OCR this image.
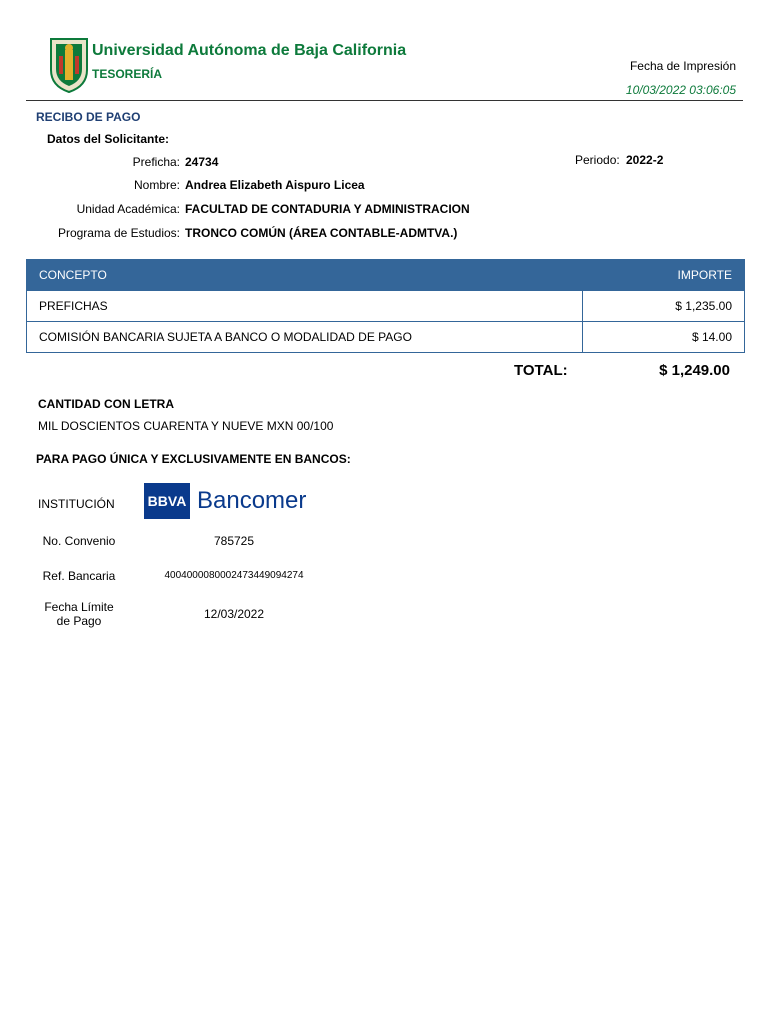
Universidad Autónoma de Baja California
TESORERÍA
Fecha de Impresión
10/03/2022 03:06:05
RECIBO DE PAGO
Datos del Solicitante:
Preficha: 24734	Periodo: 2022-2
Nombre: Andrea Elizabeth Aispuro Licea
Unidad Académica: FACULTAD DE CONTADURIA Y ADMINISTRACION
Programa de Estudios: TRONCO COMÚN (ÁREA CONTABLE-ADMTVA.)
CONCEPTO	IMPORTE
PREFICHAS	$ 1,235.00
COMISIÓN BANCARIA SUJETA A BANCO O MODALIDAD DE PAGO	$ 14.00
TOTAL:	$ 1,249.00
CANTIDAD CON LETRA
MIL DOSCIENTOS CUARENTA Y NUEVE MXN 00/100
PARA PAGO ÚNICA Y EXCLUSIVAMENTE EN BANCOS:
INSTITUCIÓN BBVA Bancomer
No. Convenio	785725
Ref. Bancaria	40040000800024734490942​74
Fecha Límite de Pago	12/03/2022
